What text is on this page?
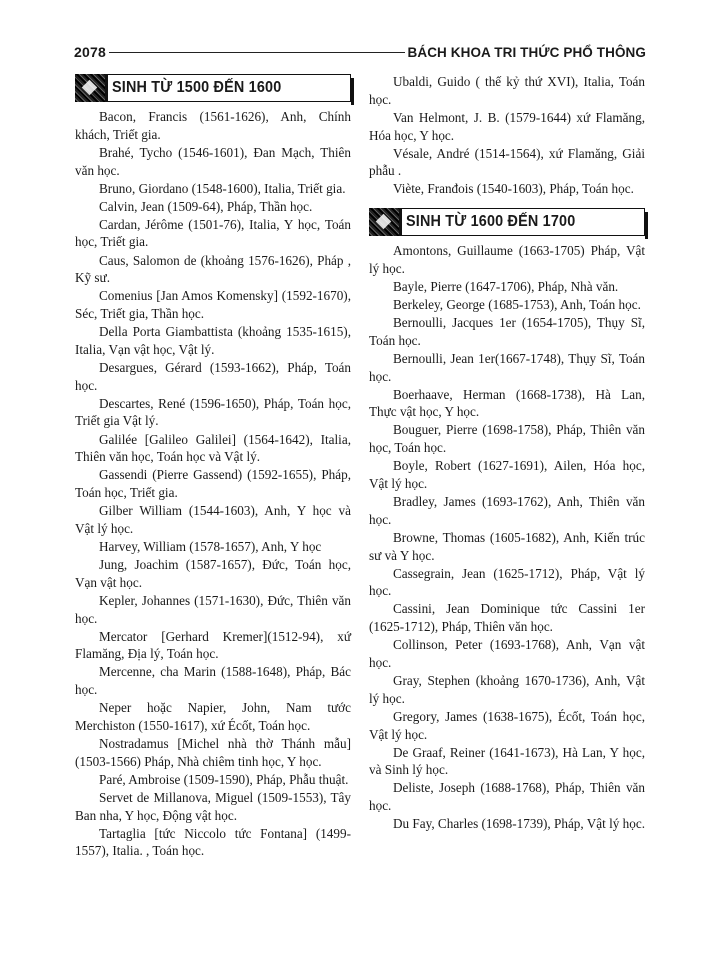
2078	BÁCH KHOA TRI THỨC PHỔ THÔNG
SINH TỪ 1500 ĐẾN 1600

Bacon, Francis (1561-1626), Anh, Chính khách, Triết gia.

Brahé, Tycho (1546-1601), Đan Mạch, Thiên văn học.

Bruno, Giordano (1548-1600), Italia, Triết gia.

Calvin, Jean (1509-64), Pháp, Thần học.

Cardan, Jérôme (1501-76), Italia, Y học, Toán học, Triết gia.

Caus, Salomon de (khoảng 1576-1626), Pháp , Kỹ sư.

Comenius [Jan Amos Komensky] (1592-1670), Séc, Triết gia, Thần học.

Della Porta Giambattista (khoảng 1535-1615), Italia, Vạn vật học, Vật lý.

Desargues, Gérard (1593-1662), Pháp, Toán học.

Descartes, René (1596-1650), Pháp, Toán học, Triết gia Vật lý.

Galilée [Galileo Galilei] (1564-1642), Italia, Thiên văn học, Toán học và Vật lý.

Gassendi (Pierre Gassend) (1592-1655), Pháp, Toán học, Triết gia.

Gilber William (1544-1603), Anh, Y học và Vật lý học.

Harvey, William (1578-1657), Anh, Y học

Jung, Joachim (1587-1657), Đức, Toán học, Vạn vật học.

Kepler, Johannes (1571-1630), Đức, Thiên văn học.

Mercator [Gerhard Kremer](1512-94), xứ Flamăng, Địa lý, Toán học.

Mercenne, cha Marin (1588-1648), Pháp, Bác học.

Neper hoặc Napier, John, Nam tước Merchiston (1550-1617), xứ Écốt, Toán học.

Nostradamus [Michel nhà thờ Thánh mẫu] (1503-1566) Pháp, Nhà chiêm tinh học, Y học.

Paré, Ambroise (1509-1590), Pháp, Phẫu thuật.

Servet de Millanova, Miguel (1509-1553), Tây Ban nha, Y học, Động vật học.

Tartaglia [tức Niccolo tức Fontana] (1499-1557), Italia. , Toán học.

Ubaldi, Guido ( thế kỷ thứ XVI), Italia, Toán học.

Van Helmont, J. B. (1579-1644) xứ Flamăng, Hóa học, Y học.

Vésale, André (1514-1564), xứ Flamăng, Giải phẫu .

Viète, Franđois (1540-1603), Pháp, Toán học.

SINH TỪ 1600 ĐẾN 1700

Amontons, Guillaume (1663-1705) Pháp, Vật lý học.

Bayle, Pierre (1647-1706), Pháp, Nhà văn.

Berkeley, George (1685-1753), Anh, Toán học.

Bernoulli, Jacques 1er (1654-1705), Thụy Sĩ, Toán học.

Bernoulli, Jean 1er(1667-1748), Thụy Sĩ, Toán học.

Boerhaave, Herman (1668-1738), Hà Lan, Thực vật học, Y học.

Bouguer, Pierre (1698-1758), Pháp, Thiên văn học, Toán học.

Boyle, Robert (1627-1691), Ailen, Hóa học, Vật lý học.

Bradley, James (1693-1762), Anh, Thiên văn học.

Browne, Thomas (1605-1682), Anh, Kiến trúc sư và Y học.

Cassegrain, Jean (1625-1712), Pháp, Vật lý học.

Cassini, Jean Dominique tức Cassini 1er (1625-1712), Pháp, Thiên văn học.

Collinson, Peter (1693-1768), Anh, Vạn vật học.

Gray, Stephen (khoảng 1670-1736), Anh, Vật lý học.

Gregory, James (1638-1675), Écốt, Toán học, Vật lý học.

De Graaf, Reiner (1641-1673), Hà Lan, Y học, và Sinh lý học.

Deliste, Joseph (1688-1768), Pháp, Thiên văn học.

Du Fay, Charles (1698-1739), Pháp, Vật lý học.
